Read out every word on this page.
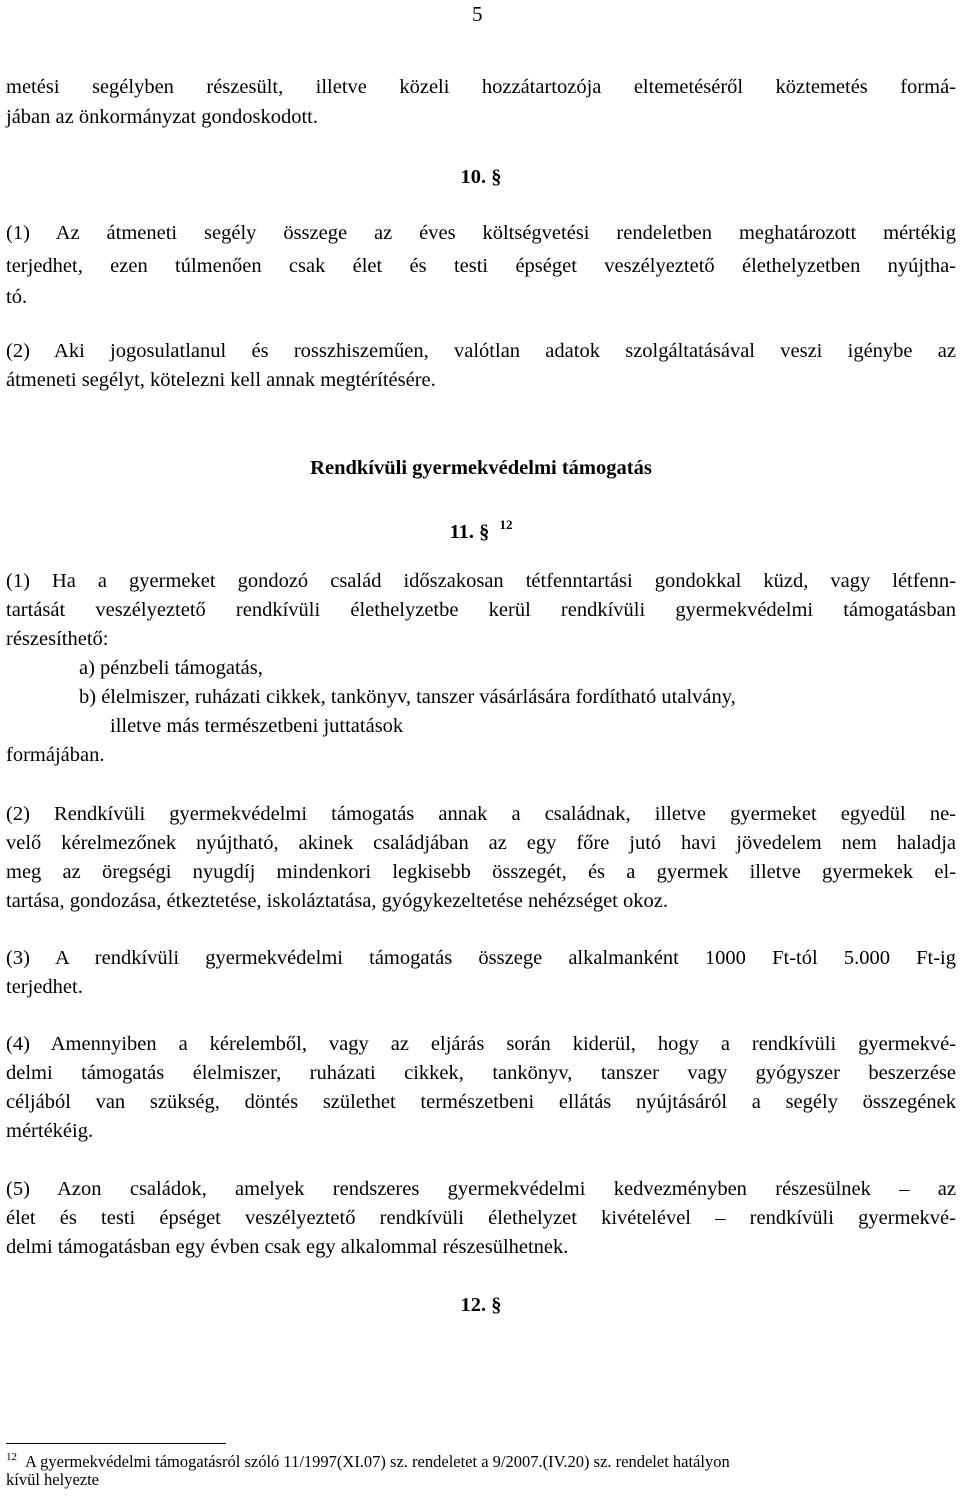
5
metési segélyben részesült, illetve közeli hozzátartozója eltemetéséről köztemetés formá-
jában az önkormányzat gondoskodott.
10. §
(1) Az átmeneti segély összege az éves költségvetési rendeletben meghatározott mértékig
terjedhet, ezen túlmenően csak élet és testi épséget veszélyeztető élethelyzetben nyújtha-
tó.
(2) Aki jogosulatlanul és rosszhiszeműen, valótlan adatok szolgáltatásával veszi igénybe az
átmeneti segélyt, kötelezni kell annak megtérítésére.
Rendkívüli gyermekvédelmi támogatás
11. § $^{12}$
(1) Ha a gyermeket gondozó család időszakosan tétfenntartási gondokkal küzd, vagy létfenn-
tartását veszélyeztető rendkívüli élethelyzetbe kerül rendkívüli gyermekvédelmi támogatásban
részesíthető:
a) pénzbeli támogatás,
b) élelmiszer, ruházati cikkek, tankönyv, tanszer vásárlására fordítható utalvány,
illetve más természetbeni juttatások
formájában.
(2) Rendkívüli gyermekvédelmi támogatás annak a családnak, illetve gyermeket egyedül ne-
velő kérelmezőnek nyújtható, akinek családjában az egy főre jutó havi jövedelem nem haladja
meg az öregségi nyugdíj mindenkori legkisebb összegét, és a gyermek illetve gyermekek el-
tartása, gondozása, étkeztetése, iskoláztatása, gyógykezeltetése nehézséget okoz.
(3) A rendkívüli gyermekvédelmi támogatás összege alkalmanként 1000 Ft-tól 5.000 Ft-ig
terjedhet.
(4) Amennyiben a kérelemből, vagy az eljárás során kiderül, hogy a rendkívüli gyermekvé-
delmi támogatás élelmiszer, ruházati cikkek, tankönyv, tanszer vagy gyógyszer beszerzése
céljából van szükség, döntés születhet természetbeni ellátás nyújtásáról a segély összegének
mértékéig.
(5) Azon családok, amelyek rendszeres gyermekvédelmi kedvezményben részesülnek – az
élet és testi épséget veszélyeztető rendkívüli élethelyzet kivételével – rendkívüli gyermekvé-
delmi támogatásban egy évben csak egy alkalommal részesülhetnek.
12. §
$^{12}$ A gyermekvédelmi támogatásról szóló 11/1997(XI.07) sz. rendeletet a 9/2007.(IV.20) sz. rendelet hatályon
kívül helyezte
